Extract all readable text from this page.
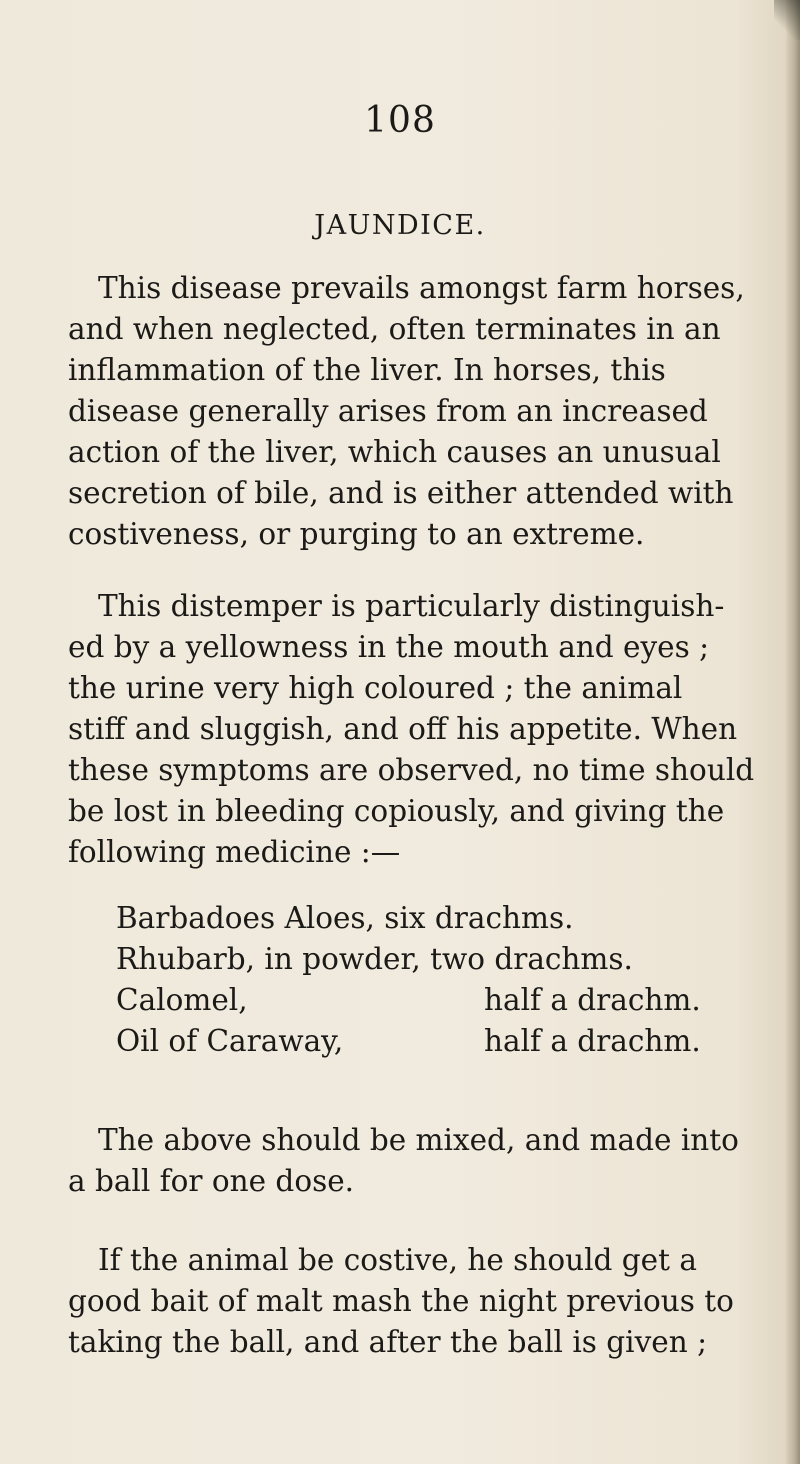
108
JAUNDICE.
This disease prevails amongst farm horses,
and when neglected, often terminates in an
inflammation of the liver. In horses, this
disease generally arises from an increased
action of the liver, which causes an unusual
secretion of bile, and is either attended with
costiveness, or purging to an extreme.
This distemper is particularly distinguish-
ed by a yellowness in the mouth and eyes ;
the urine very high coloured ; the animal
stiff and sluggish, and off his appetite. When
these symptoms are observed, no time should
be lost in bleeding copiously, and giving the
following medicine :—
Barbadoes Aloes, six drachms.
Rhubarb, in powder, two drachms.
Calomel,	half a drachm.
Oil of Caraway,	half a drachm.
The above should be mixed, and made into
a ball for one dose.
If the animal be costive, he should get a
good bait of malt mash the night previous to
taking the ball, and after the ball is given ;
